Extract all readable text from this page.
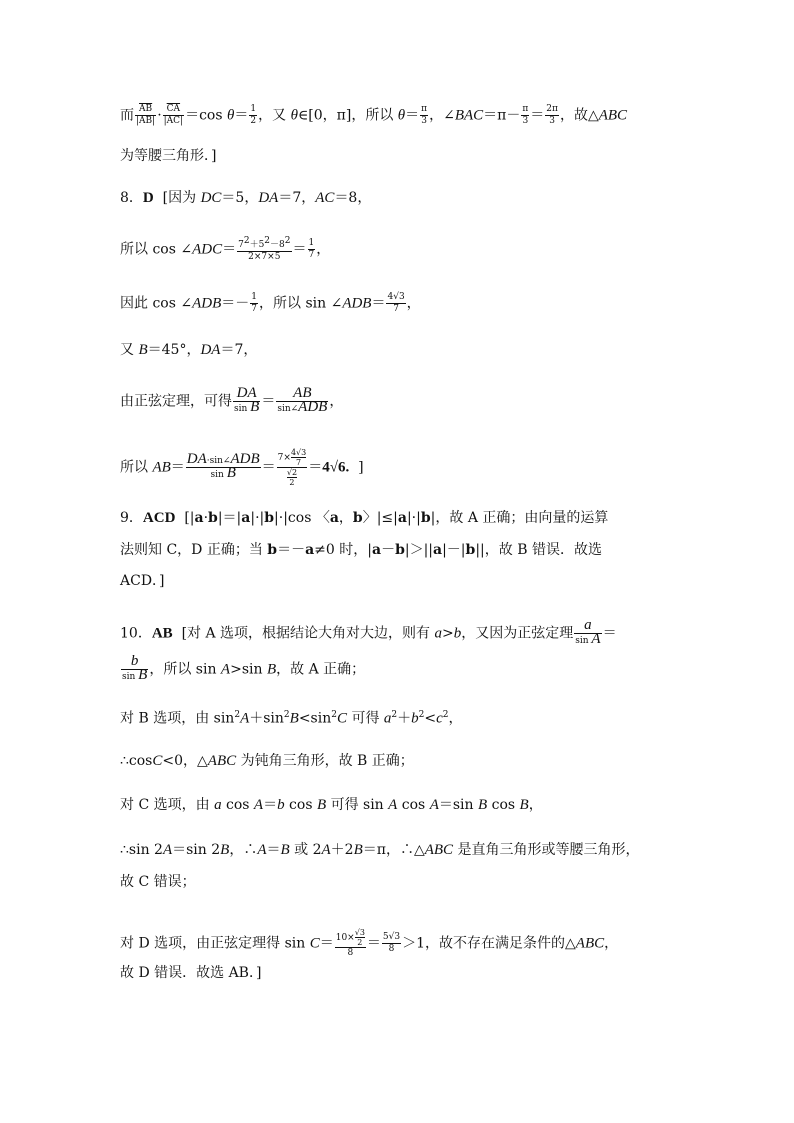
而 $\frac{\overline{AB}}{|AB|} \cdot \frac{\overline{CA}}{|AC|} =\cos$ $\theta= \frac{1}{2}$ ，又 θ∈[0，π]，所以 $\theta= \frac{\pi}{3}$ ，∠BAC＝π－ $\frac{\pi}{3} = \frac{2\pi}{3}$ ，故△ABC
为等腰三角形．]
8．D  [因为 DC＝5，DA＝7，AC＝8，
所以 cos ∠ADC＝ $\frac{72+52-82}{2\times 7\times 5} = \frac{1}{7}$ ，
因此 cos ∠ADB＝－ $\frac{1}{7}$ ，所以 sin ∠ADB＝ $\frac{4√3}{7}$ ，
又 B＝45°，DA＝7，
由正弦定理，可得 $\frac{DA}{\text{sin B}} = \frac{AB}{\text{sin∠ADB}}$ ，
所以 $AB= \frac{\text{DA·sin∠ADB}}{\text{sin B}} = \frac{7\times \frac{4√3}{7}}{\frac{√2}{2}} =4√6$.  ]
9．ACD  [|a·b|＝|a|·|b|·|cos 〈a，b〉|≤|a|·|b|，故 A 正确；由向量的运算
法则知 C，D 正确；当 b＝－a≠0 时，|a－b|＞||a|－|b||，故 B 错误．故选
ACD．]
10．AB  [对 A 选项，根据结论大角对大边，则有 a>b，又因为正弦定理 $\frac{a}{\text{sin A}}$ ＝
$\frac{b}{\text{sin B}}$ ，所以 sin A>sin B，故 A 正确；
对 B 选项，由 $\sin^2A+\sin^2B<\sin^2C$ 可得 $a^2+b^2<c^2$，
∴cosC<0，△ABC 为钝角三角形，故 B 正确；
对 C 选项，由 a cos A＝b cos B 可得 sin A cos A＝sin B cos B，
∴sin 2A＝sin 2B，∴A＝B 或 2A＋2B＝π，∴△ABC 是直角三角形或等腰三角形，
故 C 错误；
对 D 选项，由正弦定理得 $\sin C= \frac{10\times \frac{√3}{2}}{8} = \frac{5√3}{8} >1$，故不存在满足条件的△ABC，
故 D 错误．故选 AB．]
